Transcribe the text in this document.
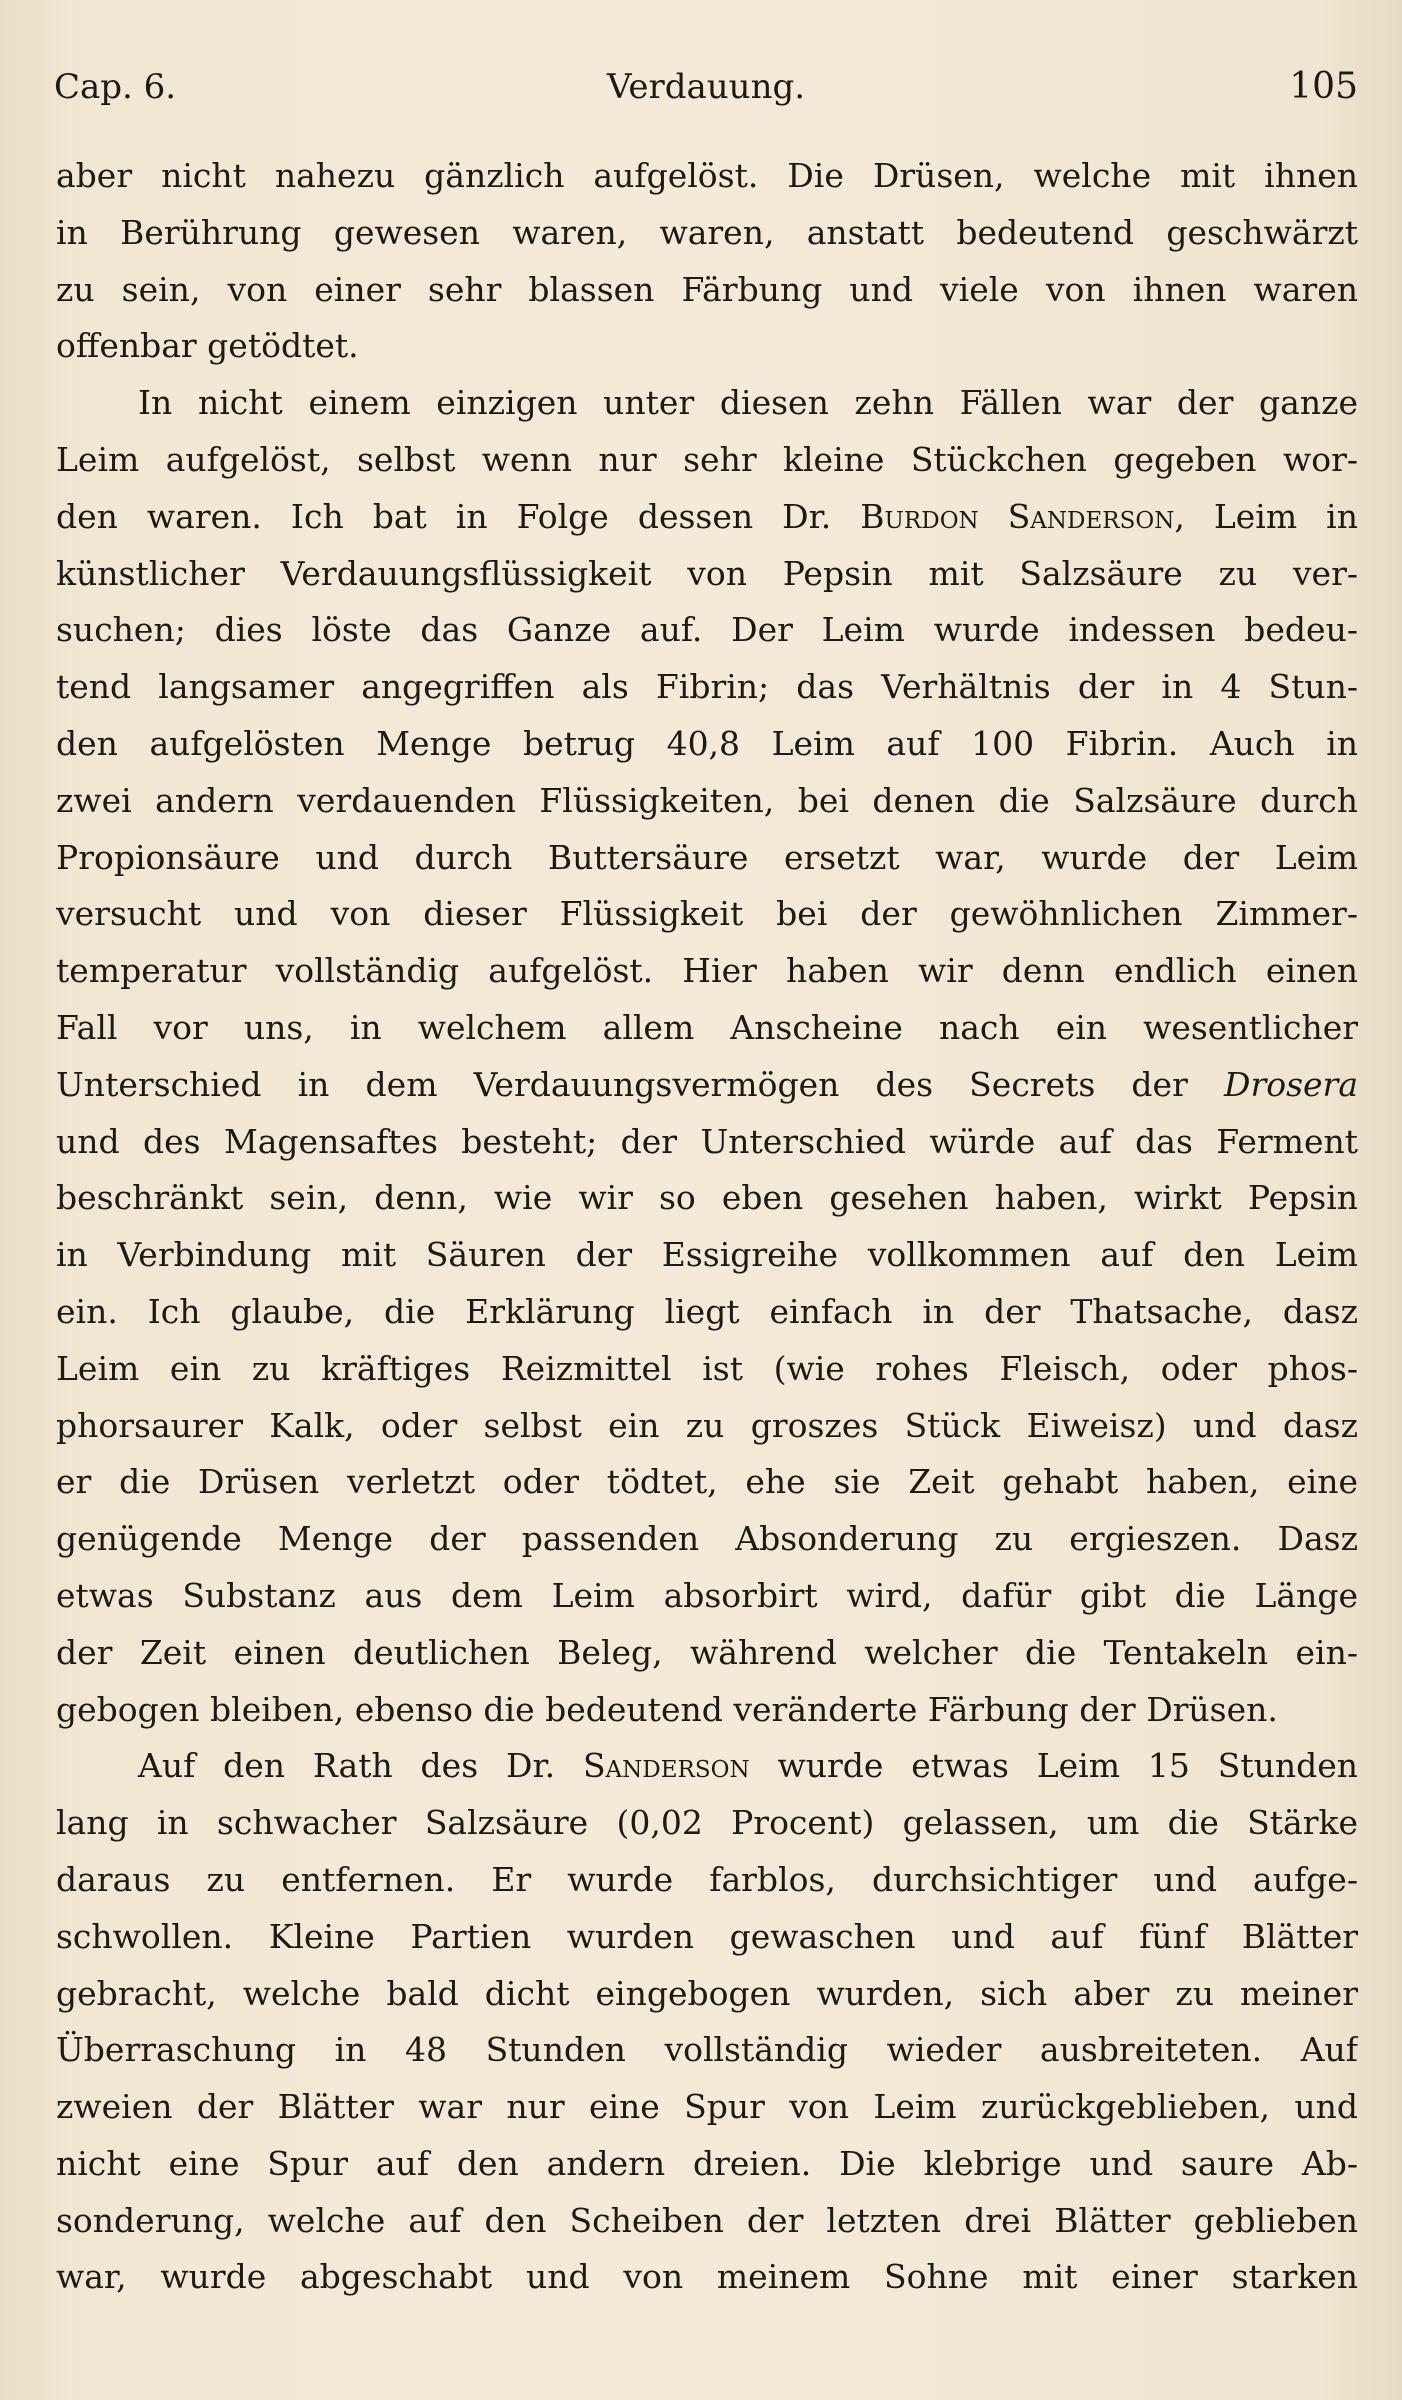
Cap. 6.	Verdauung.	105
aber nicht nahezu gänzlich aufgelöst. Die Drüsen, welche mit ihnen
in Berührung gewesen waren, waren, anstatt bedeutend geschwärzt
zu sein, von einer sehr blassen Färbung und viele von ihnen waren
offenbar getödtet.
In nicht einem einzigen unter diesen zehn Fällen war der ganze
Leim aufgelöst, selbst wenn nur sehr kleine Stückchen gegeben wor-
den waren. Ich bat in Folge dessen Dr. Burdon Sanderson, Leim in
künstlicher Verdauungsflüssigkeit von Pepsin mit Salzsäure zu ver-
suchen; dies löste das Ganze auf. Der Leim wurde indessen bedeu-
tend langsamer angegriffen als Fibrin; das Verhältnis der in 4 Stun-
den aufgelösten Menge betrug 40,8 Leim auf 100 Fibrin. Auch in
zwei andern verdauenden Flüssigkeiten, bei denen die Salzsäure durch
Propionsäure und durch Buttersäure ersetzt war, wurde der Leim
versucht und von dieser Flüssigkeit bei der gewöhnlichen Zimmer-
temperatur vollständig aufgelöst. Hier haben wir denn endlich einen
Fall vor uns, in welchem allem Anscheine nach ein wesentlicher
Unterschied in dem Verdauungsvermögen des Secrets der Drosera
und des Magensaftes besteht; der Unterschied würde auf das Ferment
beschränkt sein, denn, wie wir so eben gesehen haben, wirkt Pepsin
in Verbindung mit Säuren der Essigreihe vollkommen auf den Leim
ein. Ich glaube, die Erklärung liegt einfach in der Thatsache, dasz
Leim ein zu kräftiges Reizmittel ist (wie rohes Fleisch, oder phos-
phorsaurer Kalk, oder selbst ein zu groszes Stück Eiweisz) und dasz
er die Drüsen verletzt oder tödtet, ehe sie Zeit gehabt haben, eine
genügende Menge der passenden Absonderung zu ergieszen. Dasz
etwas Substanz aus dem Leim absorbirt wird, dafür gibt die Länge
der Zeit einen deutlichen Beleg, während welcher die Tentakeln ein-
gebogen bleiben, ebenso die bedeutend veränderte Färbung der Drüsen.
Auf den Rath des Dr. Sanderson wurde etwas Leim 15 Stunden
lang in schwacher Salzsäure (0,02 Procent) gelassen, um die Stärke
daraus zu entfernen. Er wurde farblos, durchsichtiger und aufge-
schwollen. Kleine Partien wurden gewaschen und auf fünf Blätter
gebracht, welche bald dicht eingebogen wurden, sich aber zu meiner
Überraschung in 48 Stunden vollständig wieder ausbreiteten. Auf
zweien der Blätter war nur eine Spur von Leim zurückgeblieben, und
nicht eine Spur auf den andern dreien. Die klebrige und saure Ab-
sonderung, welche auf den Scheiben der letzten drei Blätter geblieben
war, wurde abgeschabt und von meinem Sohne mit einer starken
